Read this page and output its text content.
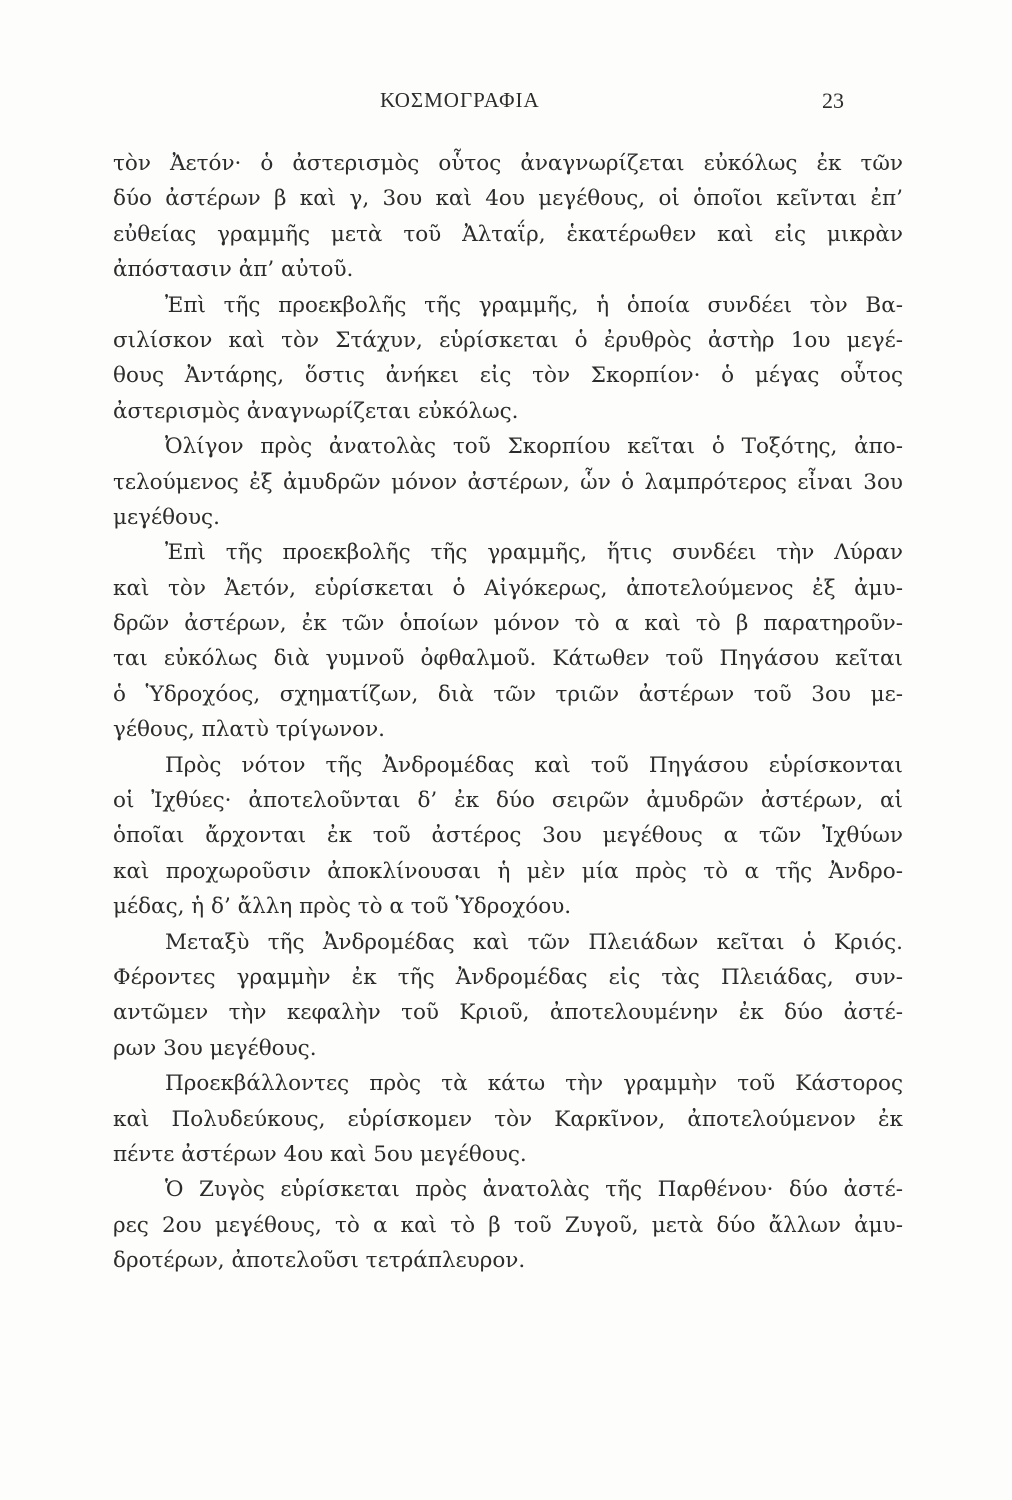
ΚΟΣΜΟΓΡΑΦΙΑ	23
τὸν Ἀετόν· ὁ ἀστερισμὸς οὗτος ἀναγνωρίζεται εὐκόλως ἐκ τῶν
δύο ἀστέρων β καὶ γ, 3ου καὶ 4ου μεγέθους, οἱ ὁποῖοι κεῖνται ἐπ’
εὐθείας γραμμῆς μετὰ τοῦ Ἀλταΐρ, ἑκατέρωθεν καὶ εἰς μικρὰν
ἀπόστασιν ἀπ’ αὐτοῦ.
Ἐπὶ τῆς προεκβολῆς τῆς γραμμῆς, ἡ ὁποία συνδέει τὸν Βα-
σιλίσκον καὶ τὸν Στάχυν, εὑρίσκεται ὁ ἐρυθρὸς ἀστὴρ 1ου μεγέ-
θους Ἀντάρης, ὅστις ἀνήκει εἰς τὸν Σκορπίον· ὁ μέγας οὗτος
ἀστερισμὸς ἀναγνωρίζεται εὐκόλως.
Ὀλίγον πρὸς ἀνατολὰς τοῦ Σκορπίου κεῖται ὁ Τοξότης, ἀπο-
τελούμενος ἐξ ἀμυδρῶν μόνον ἀστέρων, ὧν ὁ λαμπρότερος εἶναι 3ου
μεγέθους.
Ἐπὶ τῆς προεκβολῆς τῆς γραμμῆς, ἥτις συνδέει τὴν Λύραν
καὶ τὸν Ἀετόν, εὑρίσκεται ὁ Αἰγόκερως, ἀποτελούμενος ἐξ ἀμυ-
δρῶν ἀστέρων, ἐκ τῶν ὁποίων μόνον τὸ α καὶ τὸ β παρατηροῦν-
ται εὐκόλως διὰ γυμνοῦ ὀφθαλμοῦ. Κάτωθεν τοῦ Πηγάσου κεῖται
ὁ Ὑδροχόος, σχηματίζων, διὰ τῶν τριῶν ἀστέρων τοῦ 3ου με-
γέθους, πλατὺ τρίγωνον.
Πρὸς νότον τῆς Ἀνδρομέδας καὶ τοῦ Πηγάσου εὑρίσκονται
οἱ Ἰχθύες· ἀποτελοῦνται δ’ ἐκ δύο σειρῶν ἀμυδρῶν ἀστέρων, αἱ
ὁποῖαι ἄρχονται ἐκ τοῦ ἀστέρος 3ου μεγέθους α τῶν Ἰχθύων
καὶ προχωροῦσιν ἀποκλίνουσαι ἡ μὲν μία πρὸς τὸ α τῆς Ἀνδρο-
μέδας, ἡ δ’ ἄλλη πρὸς τὸ α τοῦ Ὑδροχόου.
Μεταξὺ τῆς Ἀνδρομέδας καὶ τῶν Πλειάδων κεῖται ὁ Κριός.
Φέροντες γραμμὴν ἐκ τῆς Ἀνδρομέδας εἰς τὰς Πλειάδας, συν-
αντῶμεν τὴν κεφαλὴν τοῦ Κριοῦ, ἀποτελουμένην ἐκ δύο ἀστέ-
ρων 3ου μεγέθους.
Προεκβάλλοντες πρὸς τὰ κάτω τὴν γραμμὴν τοῦ Κάστορος
καὶ Πολυδεύκους, εὑρίσκομεν τὸν Καρκῖνον, ἀποτελούμενον ἐκ
πέντε ἀστέρων 4ου καὶ 5ου μεγέθους.
Ὁ Ζυγὸς εὑρίσκεται πρὸς ἀνατολὰς τῆς Παρθένου· δύο ἀστέ-
ρες 2ου μεγέθους, τὸ α καὶ τὸ β τοῦ Ζυγοῦ, μετὰ δύο ἄλλων ἀμυ-
δροτέρων, ἀποτελοῦσι τετράπλευρον.
